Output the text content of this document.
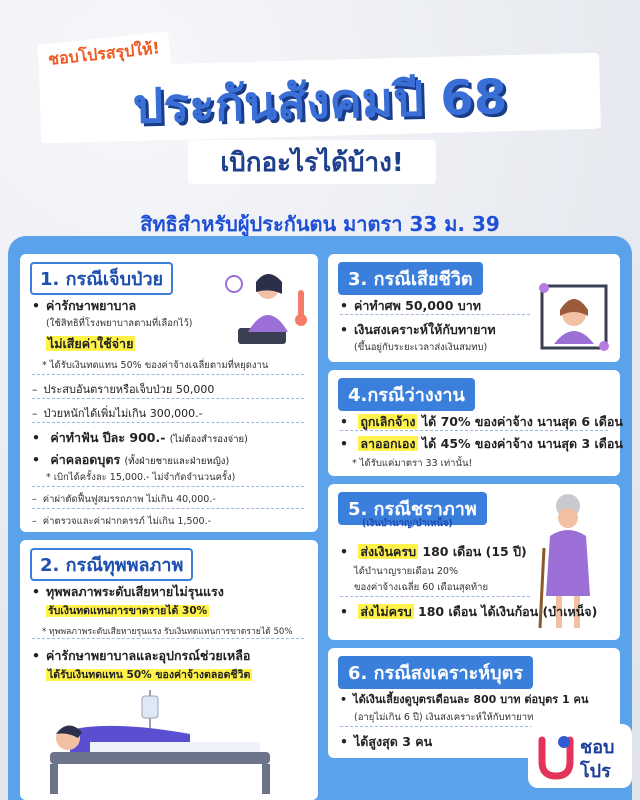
ชอบโปรสรุปให้!
ประกันสังคมปี 68
เบิกอะไรได้บ้าง!
สิทธิสำหรับผู้ประกันตน มาตรา 33 ม. 39
1. กรณีเจ็บป่วย
• ค่ารักษาพยาบาล
(ใช้สิทธิที่โรงพยาบาลตามที่เลือกไว้)
ไม่เสียค่าใช้จ่าย
* ได้รับเงินทดแทน 50% ของค่าจ้างเฉลี่ยตามที่หยุดงาน
– ประสบอันตรายหรือเจ็บป่วย 50,000
– ป่วยหนักได้เพิ่มไม่เกิน 300,000.-
• ค่าทำฟัน ปีละ 900.- (ไม่ต้องสำรองจ่าย)
• ค่าคลอดบุตร (ทั้งฝ่ายชายและฝ่ายหญิง)
* เบิกได้ครั้งละ 15,000.- ไม่จำกัดจำนวนครั้ง)
– ค่าผ่าตัดฟื้นฟูสมรรถภาพ ไม่เกิน 40,000.-
– ค่าตรวจและค่าฝากครรภ์ ไม่เกิน 1,500.-
2. กรณีทุพพลภาพ
• ทุพพลภาพระดับเสียหายไม่รุนแรง
รับเงินทดแทนการขาดรายได้ 30%
* ทุพพลภาพระดับเสียหายรุนแรง รับเงินทดแทนการขาดรายได้ 50%
• ค่ารักษาพยาบาลและอุปกรณ์ช่วยเหลือ
ได้รับเงินทดแทน 50% ของค่าจ้างตลอดชีวิต
3. กรณีเสียชีวิต
• ค่าทำศพ 50,000 บาท
• เงินสงเคราะห์ให้กับทายาท
(ขึ้นอยู่กับระยะเวลาส่งเงินสมทบ)
4.กรณีว่างงาน
• ถูกเลิกจ้าง ได้ 70% ของค่าจ้าง นานสุด 6 เดือน
• ลาออกเอง ได้ 45% ของค่าจ้าง นานสุด 3 เดือน
* ได้รับแค่มาตรา 33 เท่านั้น!
5. กรณีชราภาพ
(เงินบำนาญ/บำเหน็จ)
• ส่งเงินครบ 180 เดือน (15 ปี)
ได้บำนาญรายเดือน 20%
ของค่าจ้างเฉลี่ย 60 เดือนสุดท้าย
• ส่งไม่ครบ 180 เดือน ได้เงินก้อน (บำเหน็จ)
6. กรณีสงเคราะห์บุตร
• ได้เงินเลี้ยงดูบุตรเดือนละ 800 บาท ต่อบุตร 1 คน
(อายุไม่เกิน 6 ปี) เงินสงเคราะห์ให้กับทายาท
• ได้สูงสุด 3 คน	ชอบ
โปร
